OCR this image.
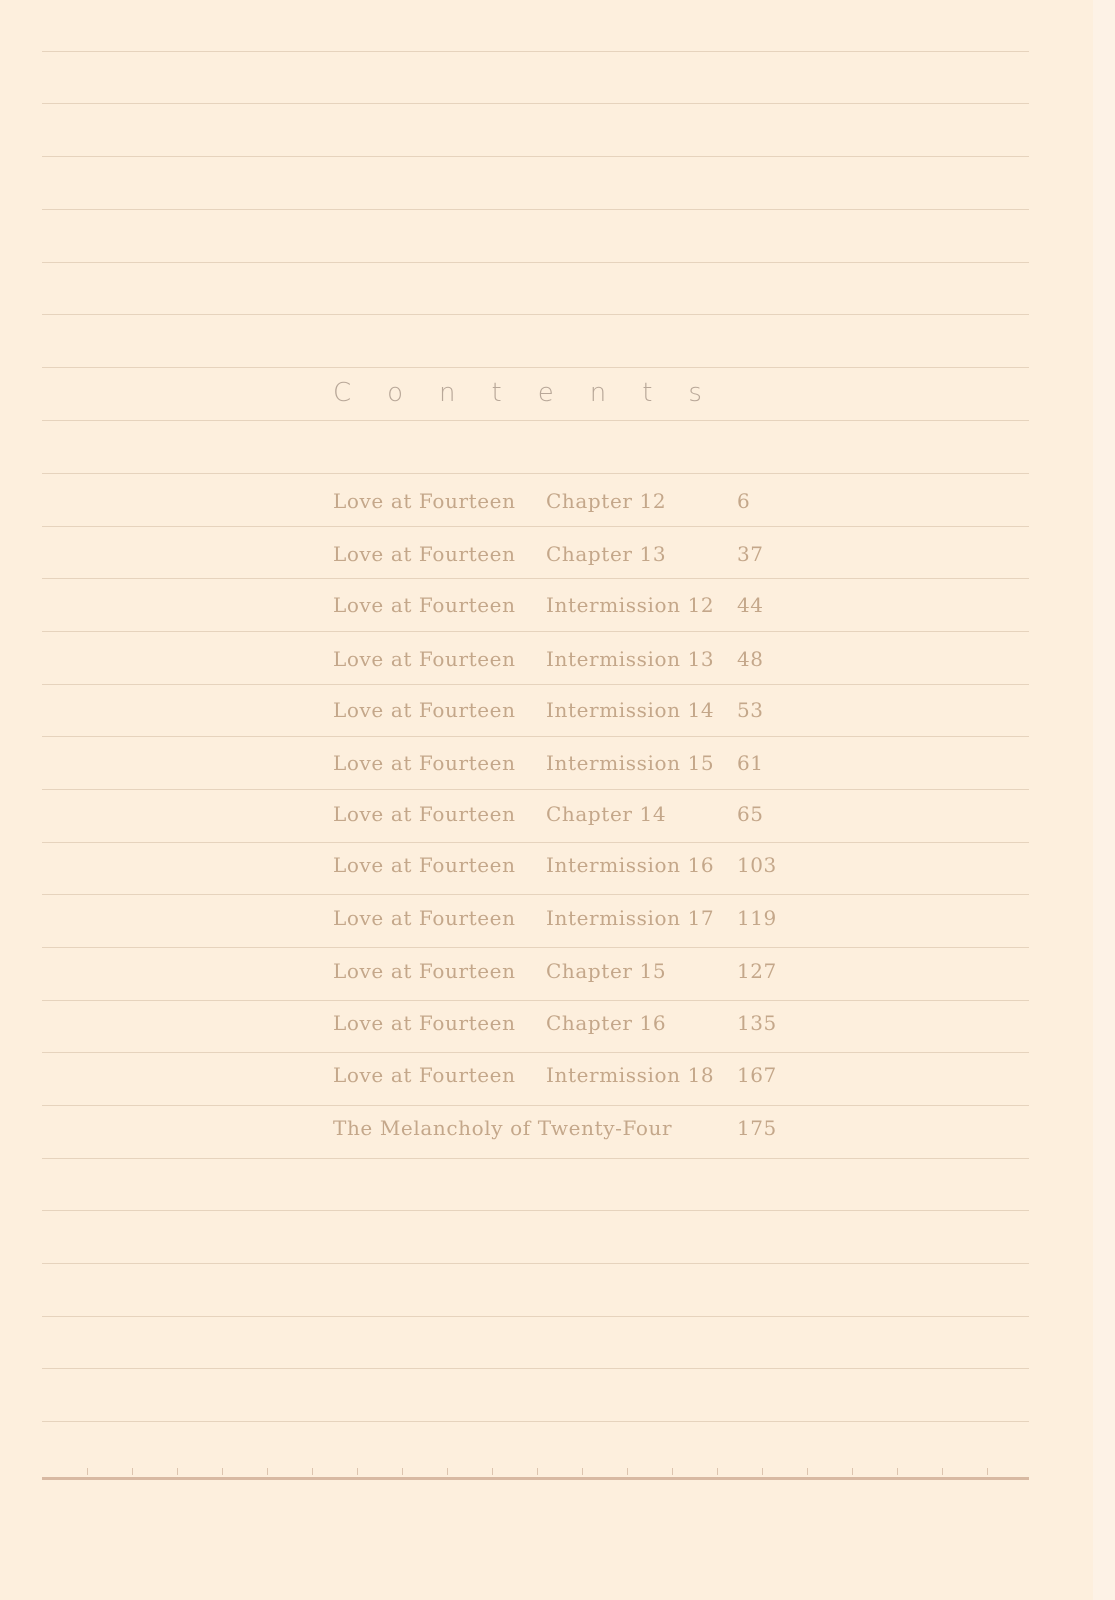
Contents
Love at Fourteen Chapter 12	6
Love at Fourteen Chapter 13	37
Love at Fourteen Intermission 12 44
Love at Fourteen Intermission 13 48
Love at Fourteen Intermission 14 53
Love at Fourteen Intermission 15 61
Love at Fourteen Chapter 14	65
Love at Fourteen Intermission 16 103
Love at Fourteen Intermission 17 119
Love at Fourteen Chapter 15	127
Love at Fourteen Chapter 16	135
Love at Fourteen Intermission 18 167
The Melancholy of Twenty-Four	175
